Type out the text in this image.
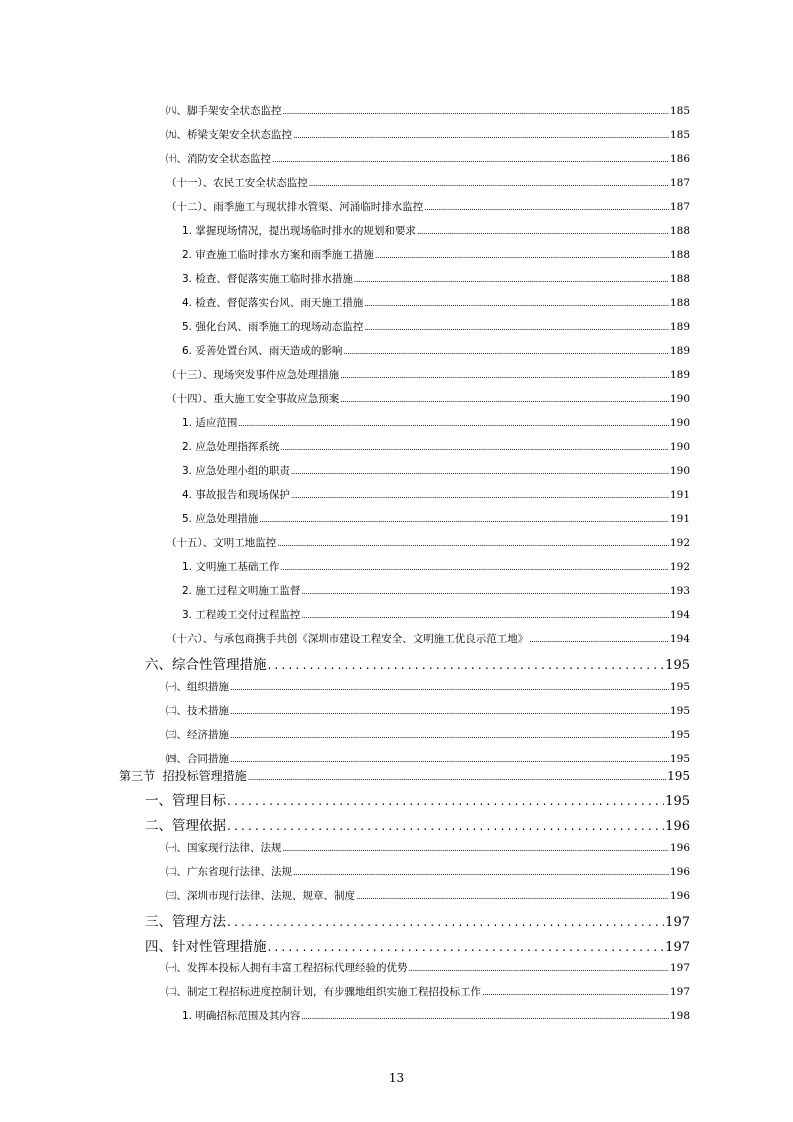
㈧、脚手架安全状态监控 .....	185
㈨、桥梁支架安全状态监控 .....	185
㈩、消防安全状态监控 .....	186
（十一）、农民工安全状态监控 .....	187
（十二）、雨季施工与现状排水管渠、河涌临时排水监控 .....	187
1. 掌握现场情况，提出现场临时排水的规划和要求 .....	188
2. 审查施工临时排水方案和雨季施工措施 .....	188
3. 检查、督促落实施工临时排水措施 .....	188
4. 检查、督促落实台风、雨天施工措施 .....	188
5. 强化台风、雨季施工的现场动态监控 .....	189
6. 妥善处置台风、雨天造成的影响 .....	189
（十三）、现场突发事件应急处理措施 .....	189
（十四）、重大施工安全事故应急预案 .....	190
1. 适应范围 .....	190
2. 应急处理指挥系统 .....	190
3. 应急处理小组的职责 .....	190
4. 事故报告和现场保护 .....	191
5. 应急处理措施 .....	191
（十五）、文明工地监控 .....	192
1. 文明施工基础工作 .....	192
2. 施工过程文明施工监督 .....	193
3. 工程竣工交付过程监控 .....	194
（十六）、与承包商携手共创《深圳市建设工程安全、文明施工优良示范工地》 .....	194
六、综合性管理措施 .....	195
㈠、组织措施 .....	195
㈡、技术措施 .....	195
㈢、经济措施 .....	195
㈣、合同措施 .....	195
第三节  招投标管理措施 .....	195
一、管理目标 .....	195
二、管理依据 .....	196
㈠、国家现行法律、法规 .....	196
㈡、广东省现行法律、法规 .....	196
㈢、深圳市现行法律、法规、规章、制度 .....	196
三、管理方法 .....	197
四、针对性管理措施 .....	197
㈠、发挥本投标人拥有丰富工程招标代理经验的优势 .....	197
㈡、制定工程招标进度控制计划，有步骤地组织实施工程招投标工作 .....	197
1. 明确招标范围及其内容 .....	198
13
